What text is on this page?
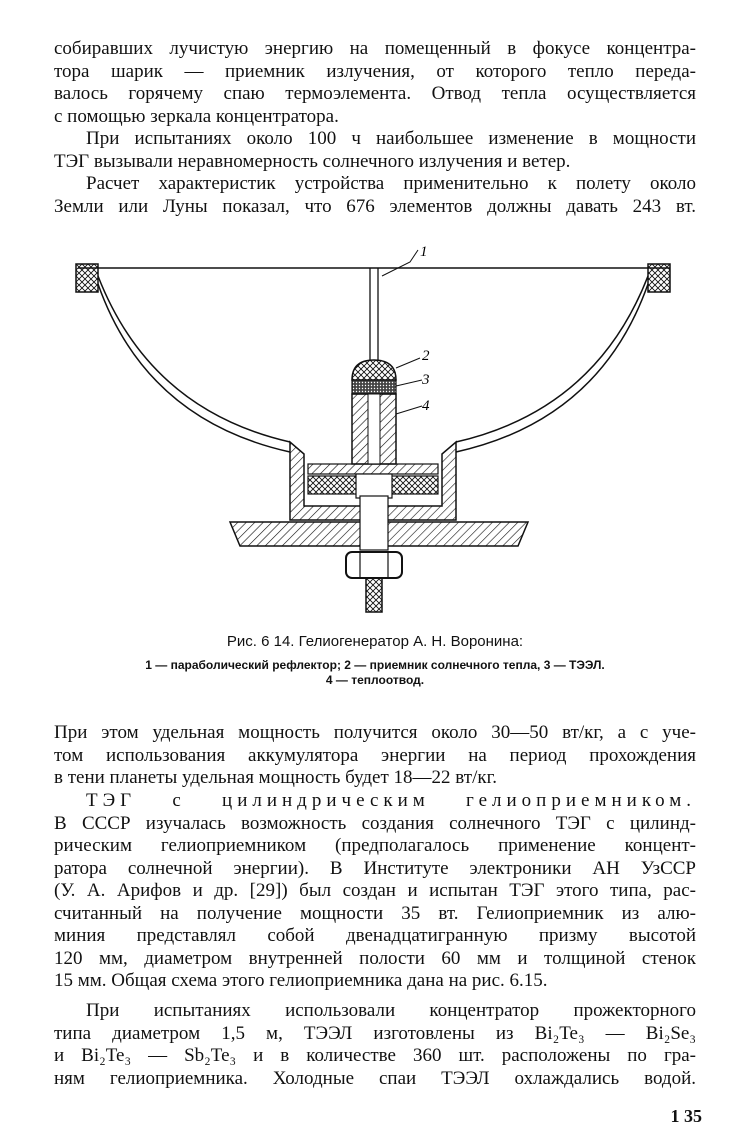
собиравших лучистую энергию на помещенный в фокусе концентра-
тора шарик — приемник излучения, от которого тепло переда-
валось горячему спаю термоэлемента. Отвод тепла осуществляется
с помощью зеркала концентратора.
При испытаниях около 100 ч наибольшее изменение в мощности
ТЭГ вызывали неравномерность солнечного излучения и ветер.
Расчет характеристик устройства применительно к полету около
Земли или Луны показал, что 676 элементов должны давать 243 вт.
1
2
3
4
Рис. 6 14. Гелиогенератор А. Н. Воронина:
1 — параболический рефлектор; 2 — приемник солнечного тепла, 3 — ТЭЭЛ.
4 — теплоотвод.
При этом удельная мощность получится около 30—50 вт/кг, а с уче-
том использования аккумулятора энергии на период прохождения
в тени планеты удельная мощность будет 18—22 вт/кг.
ТЭГ с цилиндрическим гелиоприемником.
В СССР изучалась возможность создания солнечного ТЭГ с цилинд-
рическим гелиоприемником (предполагалось применение концент-
ратора солнечной энергии). В Институте электроники АН УзССР
(У. А. Арифов и др. [29]) был создан и испытан ТЭГ этого типа, рас-
считанный на получение мощности 35 вт. Гелиоприемник из алю-
миния представлял собой двенадцатигранную призму высотой
120 мм, диаметром внутренней полости 60 мм и толщиной стенок
15 мм. Общая схема этого гелиоприемника дана на рис. 6.15.
При испытаниях использовали концентратор прожекторного
типа диаметром 1,5 м, ТЭЭЛ изготовлены из Bi₂Te₃ — Bi₂Se₃
и Bi₂Te₃ — Sb₂Te₃ и в количестве 360 шт. расположены по гра-
ням гелиоприемника. Холодные спаи ТЭЭЛ охлаждались водой.
1 35
